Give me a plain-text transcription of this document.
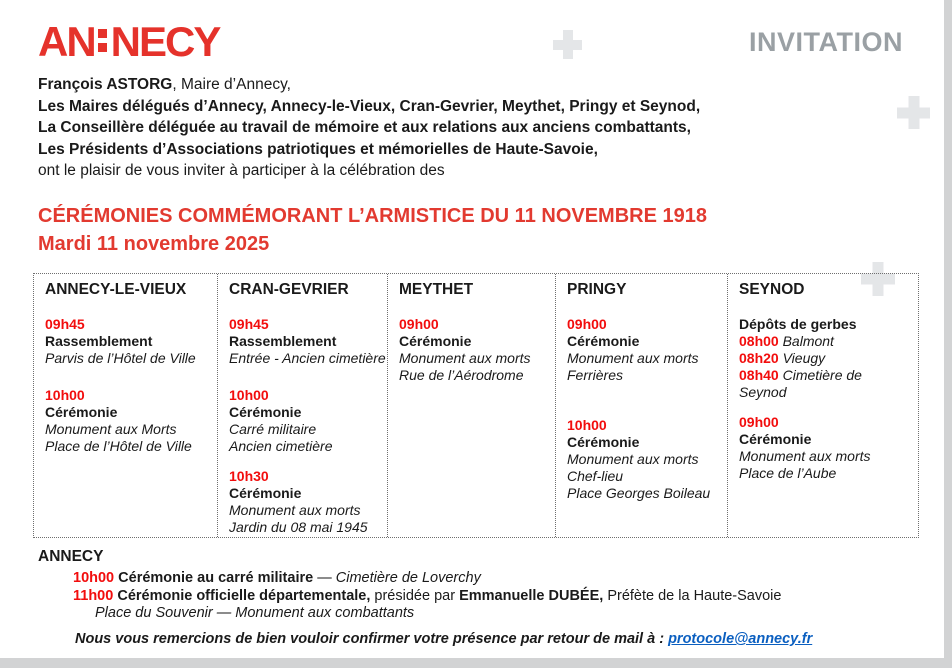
AN NECY	INVITATION

François ASTORG, Maire d’Annecy,

Les Maires délégués d’Annecy, Annecy-le-Vieux, Cran-Gevrier, Meythet, Pringy et Seynod,

La Conseillère déléguée au travail de mémoire et aux relations aux anciens combattants,

Les Présidents d’Associations patriotiques et mémorielles de Haute-Savoie,

ont le plaisir de vous inviter à participer à la célébration des

CÉRÉMONIES COMMÉMORANT L’ARMISTICE DU 11 NOVEMBRE 1918
Mardi 11 novembre 2025
ANNECY-LE-VIEUX
09h45
Rassemblement
Parvis de l’Hôtel de Ville
10h00
Cérémonie
Monument aux Morts
Place de l’Hôtel de Ville
CRAN-GEVRIER
09h45
Rassemblement
Entrée - Ancien cimetière
10h00
Cérémonie
Carré militaire
Ancien cimetière
10h30
Cérémonie
Monument aux morts
Jardin du 08 mai 1945
MEYTHET
09h00
Cérémonie
Monument aux morts
Rue de l’Aérodrome
PRINGY
09h00
Cérémonie
Monument aux morts
Ferrières
10h00
Cérémonie
Monument aux morts
Chef-lieu
Place Georges Boileau
SEYNOD
Dépôts de gerbes
08h00 Balmont
08h20 Vieugy
08h40 Cimetière de Seynod
09h00
Cérémonie
Monument aux morts
Place de l’Aube
ANNECY
10h00 Cérémonie au carré militaire — Cimetière de Loverchy
11h00 Cérémonie officielle départementale, présidée par Emmanuelle DUBÉE, Préfète de la Haute-Savoie
Place du Souvenir — Monument aux combattants

Nous vous remercions de bien vouloir confirmer votre présence par retour de mail à : protocole@annecy.fr
